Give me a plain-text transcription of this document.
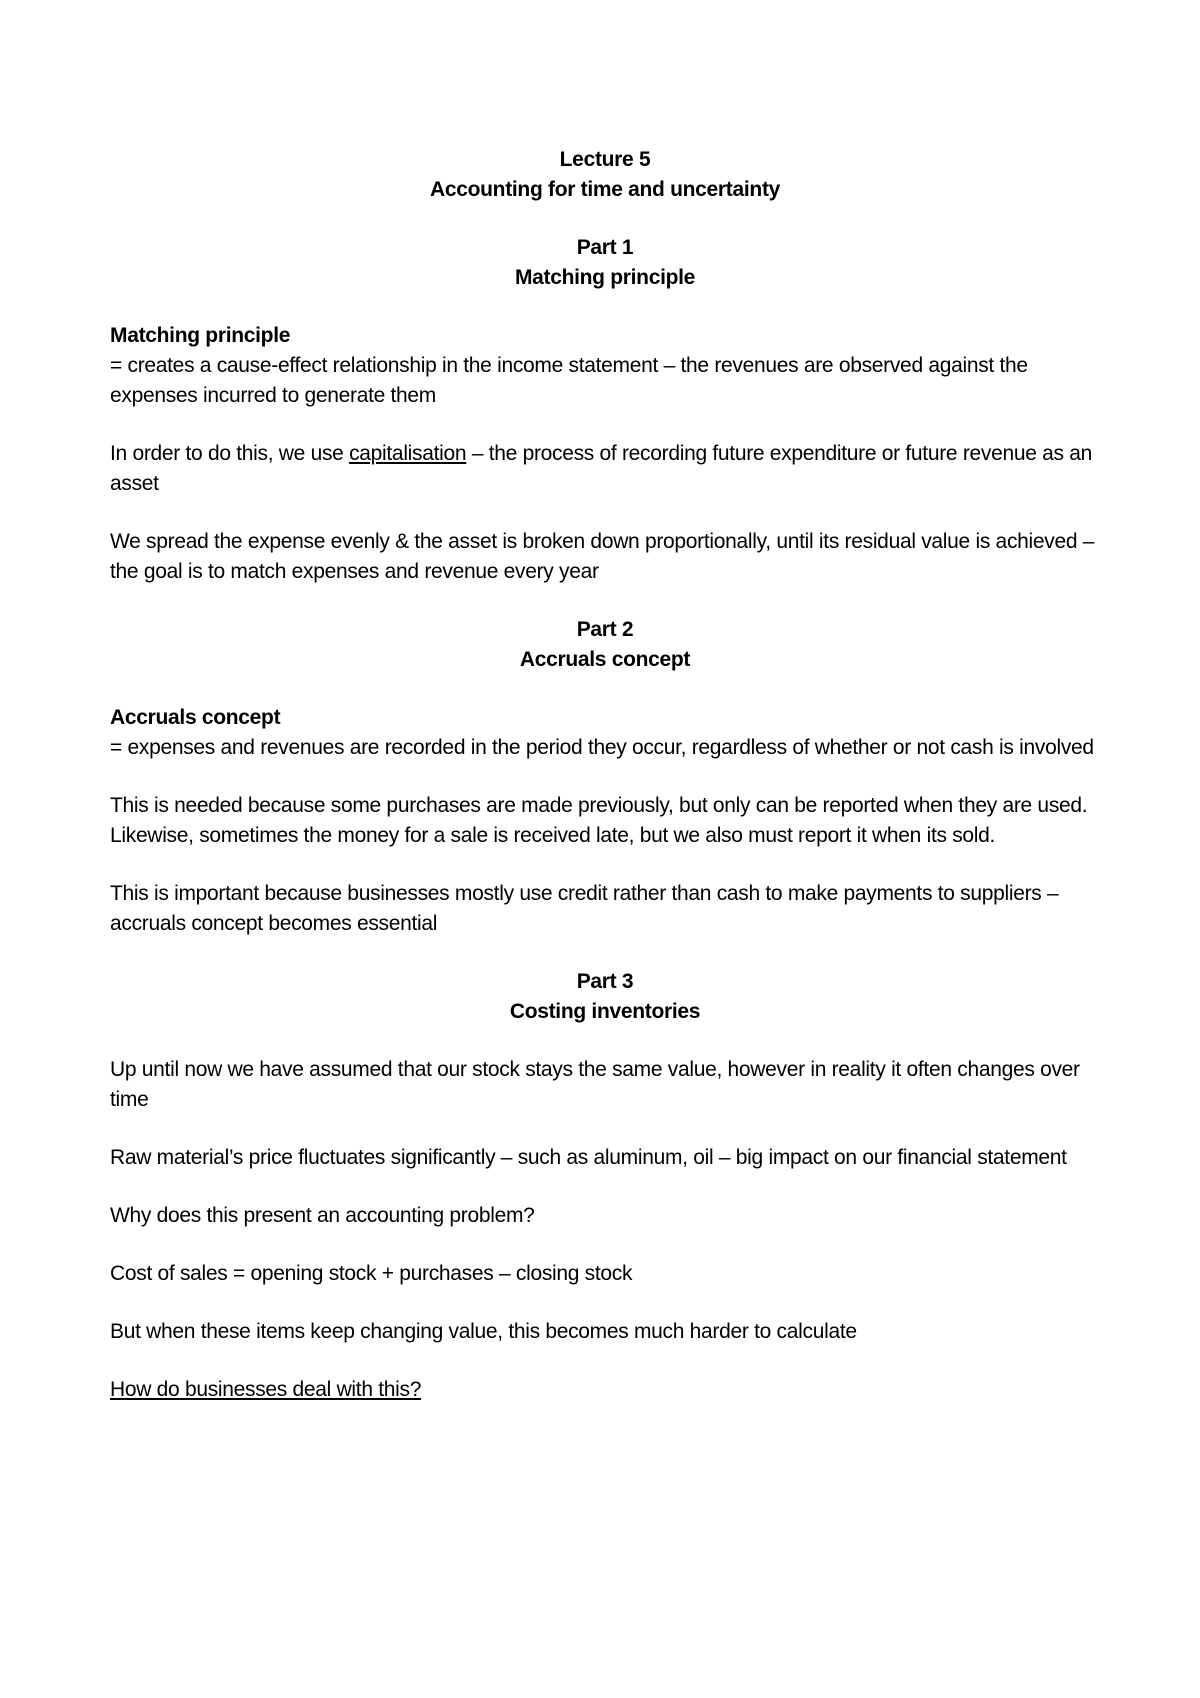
Lecture 5

Accounting for time and uncertainty

Part 1

Matching principle

Matching principle

= creates a cause-effect relationship in the income statement – the revenues are observed against the expenses incurred to generate them

In order to do this, we use capitalisation – the process of recording future expenditure or future revenue as an asset

We spread the expense evenly & the asset is broken down proportionally, until its residual value is achieved – the goal is to match expenses and revenue every year

Part 2

Accruals concept

Accruals concept

= expenses and revenues are recorded in the period they occur, regardless of whether or not cash is involved

This is needed because some purchases are made previously, but only can be reported when they are used. Likewise, sometimes the money for a sale is received late, but we also must report it when its sold.

This is important because businesses mostly use credit rather than cash to make payments to suppliers – accruals concept becomes essential

Part 3

Costing inventories

Up until now we have assumed that our stock stays the same value, however in reality it often changes over time

Raw material’s price fluctuates significantly – such as aluminum, oil – big impact on our financial statement

Why does this present an accounting problem?

Cost of sales = opening stock + purchases – closing stock

But when these items keep changing value, this becomes much harder to calculate

How do businesses deal with this?
